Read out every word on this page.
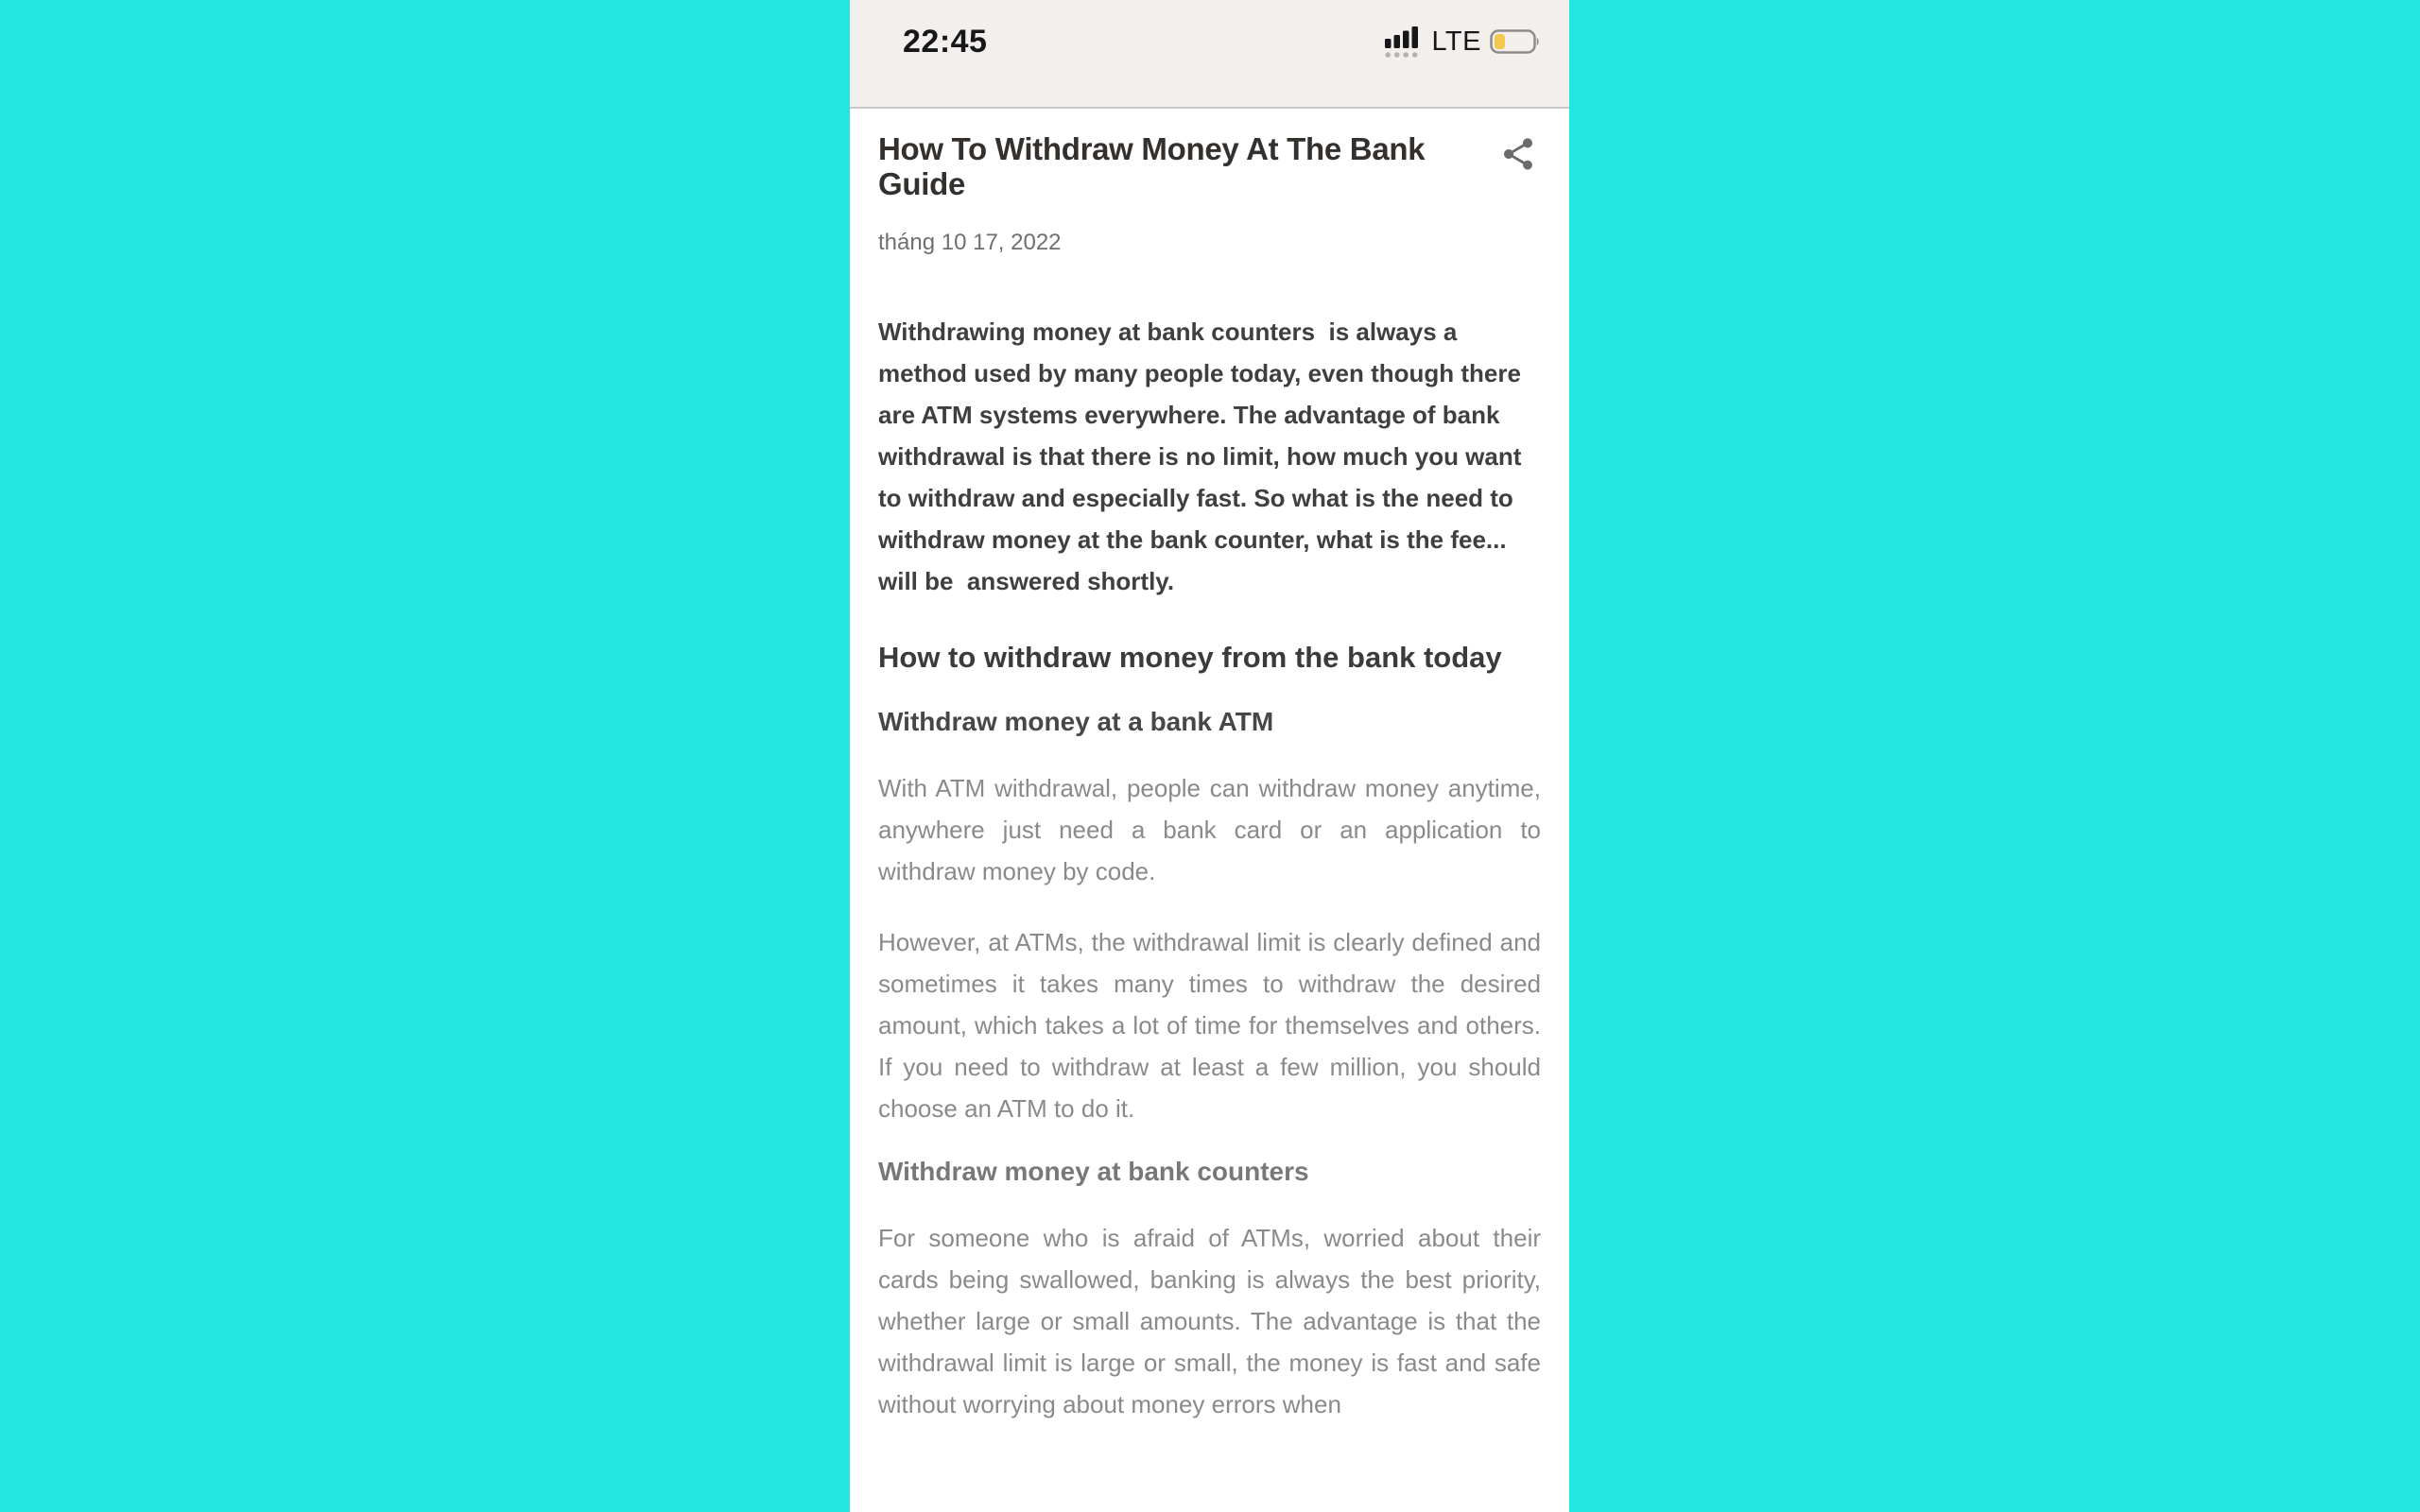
22:45	LTE
How To Withdraw Money At The Bank Guide
tháng 10 17, 2022

Withdrawing money at bank counters  is always a method used by many people today, even though there are ATM systems everywhere. The advantage of bank withdrawal is that there is no limit, how much you want to withdraw and especially fast. So what is the need to withdraw money at the bank counter, what is the fee... will be  answered shortly.

How to withdraw money from the bank today
Withdraw money at a bank ATM

With ATM withdrawal, people can withdraw money anytime, anywhere just need a bank card or an application to withdraw money by code.

However, at ATMs, the withdrawal limit is clearly defined and sometimes it takes many times to withdraw the desired amount, which takes a lot of time for themselves and others. If you need to withdraw at least a few million, you should choose an ATM to do it.

Withdraw money at bank counters

For someone who is afraid of ATMs, worried about their cards being swallowed, banking is always the best priority, whether large or small amounts. The advantage is that the withdrawal limit is large or small, the money is fast and safe without worrying about money errors when
